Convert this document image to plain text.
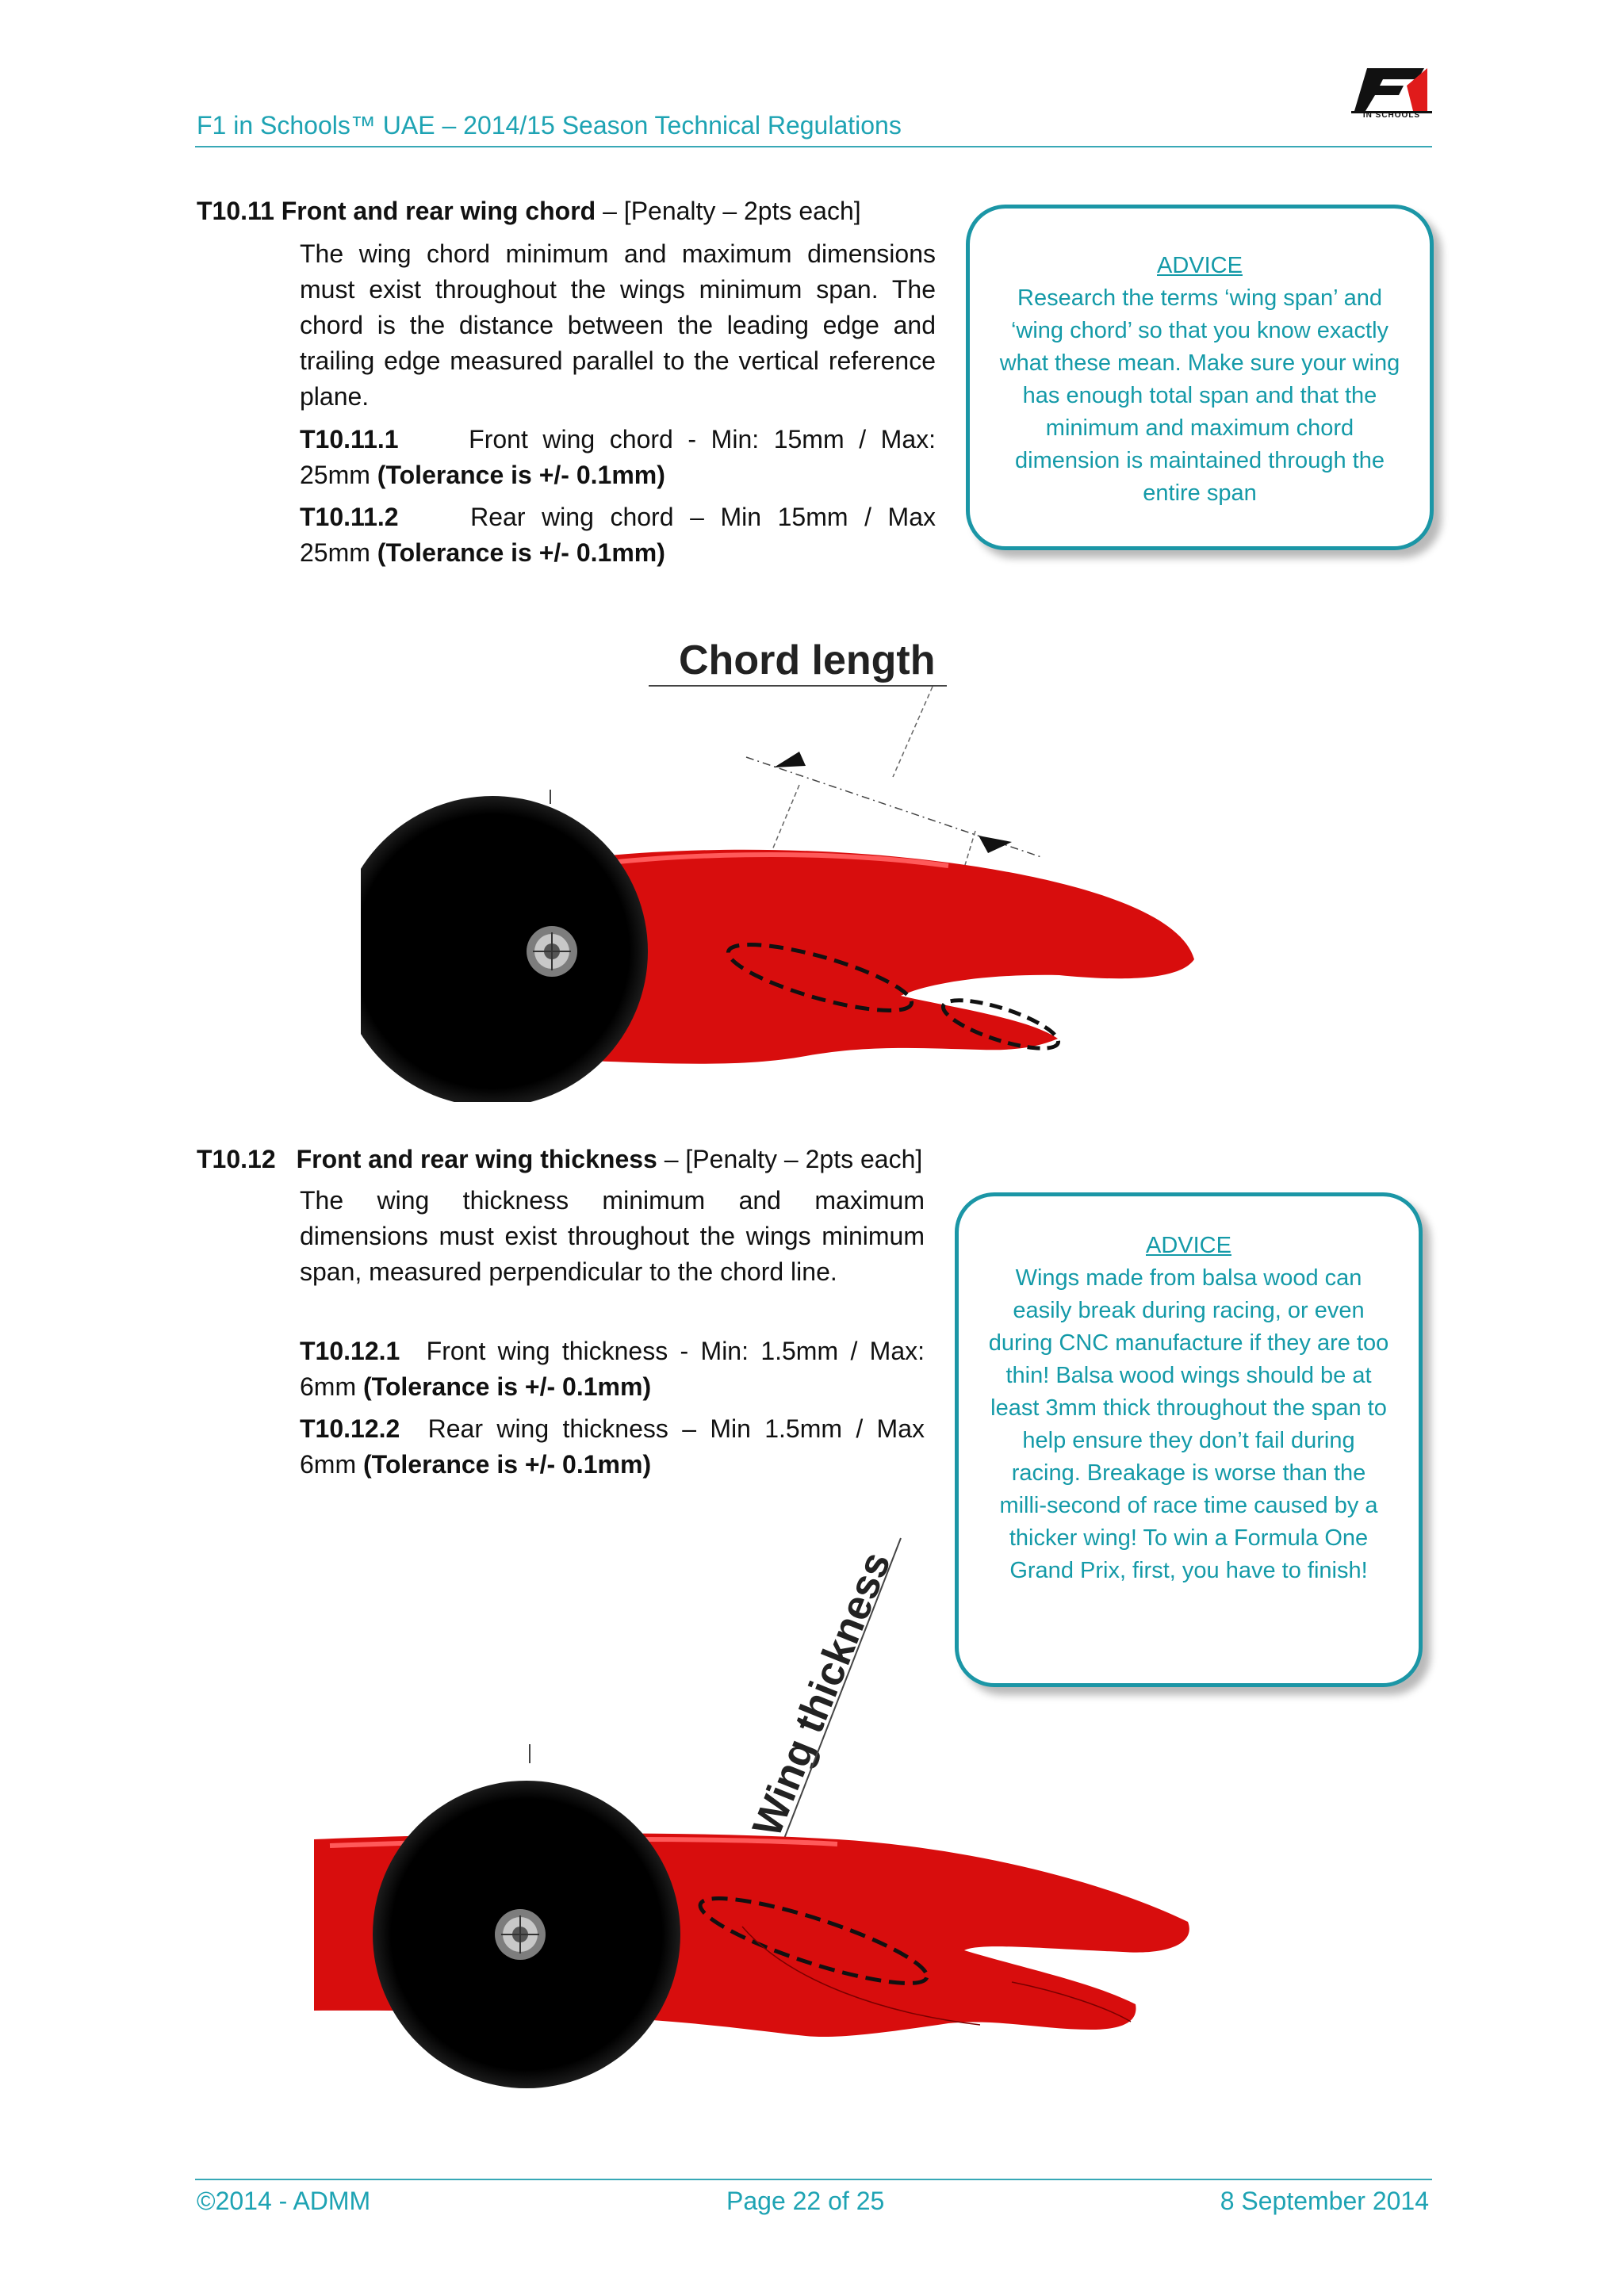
F1 in Schools™ UAE – 2014/15 Season Technical Regulations	IN SCHOOLS
T10.11 Front and rear wing chord – [Penalty – 2pts each]
The wing chord minimum and maximum dimensions must exist throughout the wings minimum span. The chord is the distance between the leading edge and trailing edge measured parallel to the vertical reference plane.
T10.11.1	Front wing chord - Min: 15mm / Max: 25mm (Tolerance is +/- 0.1mm)
T10.11.2	Rear wing chord – Min 15mm / Max 25mm (Tolerance is +/- 0.1mm)
ADVICE
Research the terms ‘wing span’ and ‘wing chord’ so that you know exactly what these mean. Make sure your wing has enough total span and that the minimum and maximum chord dimension is maintained through the entire span
Chord length
T10.12 Front and rear wing thickness – [Penalty – 2pts each]
The wing thickness minimum and maximum dimensions must exist throughout the wings minimum span, measured perpendicular to the chord line.
T10.12.1 Front wing thickness - Min: 1.5mm / Max: 6mm (Tolerance is +/- 0.1mm)
T10.12.2 Rear wing thickness – Min 1.5mm / Max 6mm (Tolerance is +/- 0.1mm)
ADVICE
Wings made from balsa wood can easily break during racing, or even during CNC manufacture if they are too thin! Balsa wood wings should be at least 3mm thick throughout the span to help ensure they don’t fail during racing. Breakage is worse than the milli-second of race time caused by a thicker wing! To win a Formula One Grand Prix, first, you have to finish!
Wing thickness
©2014 - ADMM	Page 22 of 25	8 September 2014
